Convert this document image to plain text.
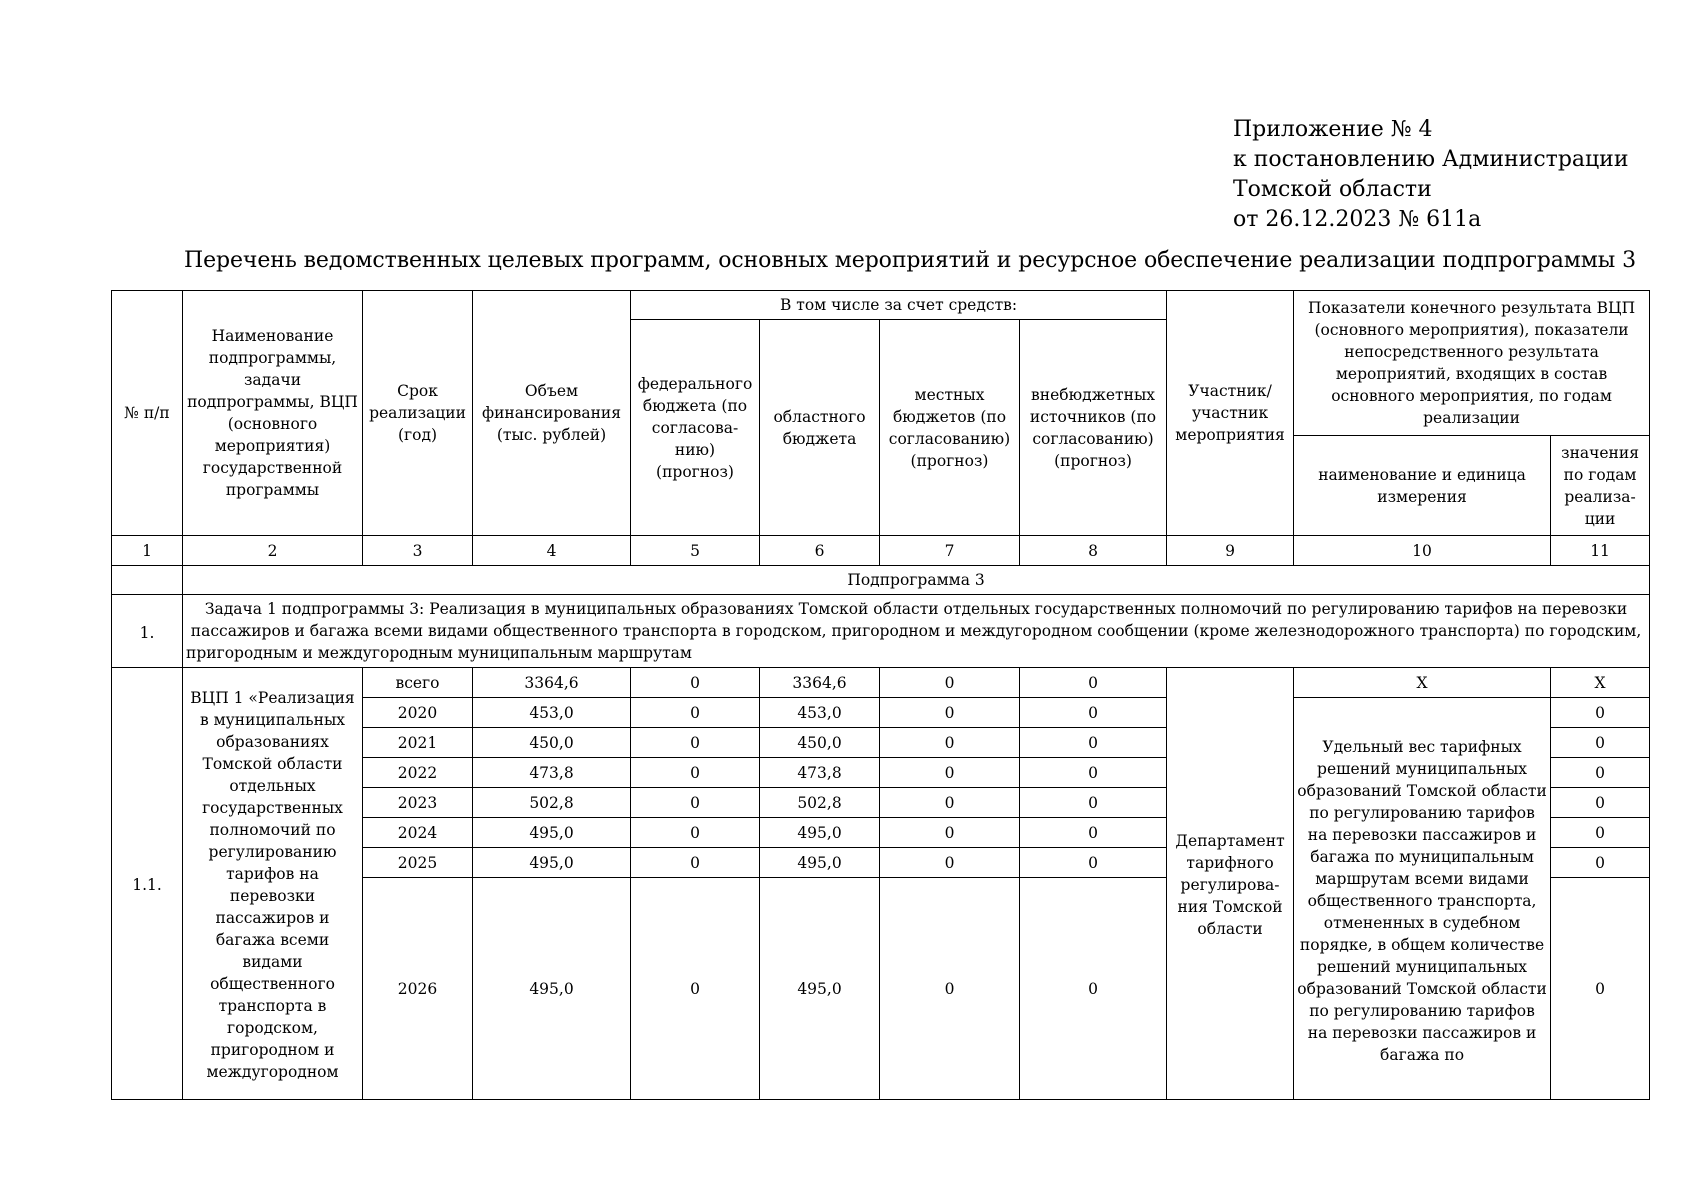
Приложение № 4
к постановлению Администрации
Томской области
от 26.12.2023 № 611а
Перечень ведомственных целевых программ, основных мероприятий и ресурсное обеспечение реализации подпрограммы 3
№ п/п	Наименование подпрограммы, задачи подпрограммы, ВЦП (основного мероприятия) государственной программы	Срок реализации (год)	Объем финансирования (тыс. рублей)	В том числе за счет средств:				Участник/ участник мероприятия	Показатели конечного результата ВЦП (основного мероприятия), показатели непосредственного результата мероприятий, входящих в состав основного мероприятия, по годам реализации	
				федерального бюджета (по согласова-нию) (прогноз)	областного бюджета	местных бюджетов (по согласованию) (прогноз)	внебюджетных источников (по согласованию) (прогноз)			
									наименование и единица измерения	значения по годам реализа-ции
1	2	3	4	5	6	7	8	9	10	11
	Подпрограмма 3									
1.	Задача 1 подпрограммы 3: Реализация в муниципальных образованиях Томской области отдельных государственных полномочий по регулированию тарифов на перевозки пассажиров и багажа всеми видами общественного транспорта в городском, пригородном и междугородном сообщении (кроме железнодорожного транспорта) по городским, пригородным и междугородным муниципальным маршрутам									
1.1.	ВЦП 1 «Реализация в муниципальных образованиях Томской области отдельных государственных полномочий по регулированию тарифов на перевозки пассажиров и багажа всеми видами общественного транспорта в городском, пригородном и междугородном	всего	3364,6	0	3364,6	0	0	Департамент тарифного регулирова-ния Томской области	Х	Х
		2020	453,0	0	453,0	0	0		Удельный вес тарифных решений муниципальных образований Томской области по регулированию тарифов на перевозки пассажиров и багажа по муниципальным маршрутам всеми видами общественного транспорта, отмененных в судебном порядке, в общем количестве решений муниципальных образований Томской области по регулированию тарифов на перевозки пассажиров и багажа по	0
		2021	450,0	0	450,0	0	0			0
		2022	473,8	0	473,8	0	0			0
		2023	502,8	0	502,8	0	0			0
		2024	495,0	0	495,0	0	0			0
		2025	495,0	0	495,0	0	0			0
		2026	495,0	0	495,0	0	0			0
